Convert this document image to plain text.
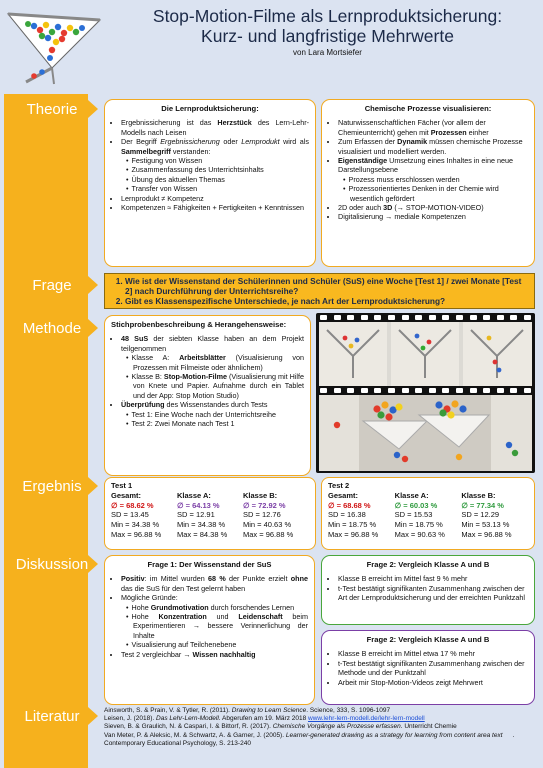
Stop-Motion-Filme als Lernproduktsicherung:
Kurz- und langfristige Mehrwerte
von Lara Mortsiefer
Theorie
Frage
Methode
Ergebnis
Diskussion
Literatur
Die Lernproduktsicherung:
• Ergebnissicherung ist das Herzstück des Lern-Lehr-Modells nach Leisen
• Der Begriff Ergebnissicherung oder Lernprodukt wird als Sammelbegriff verstanden:
• Festigung von Wissen
• Zusammenfassung des Unterrichtsinhalts
• Übung des aktuellen Themas
• Transfer von Wissen
• Lernprodukt ≠ Kompetenz
• Kompetenzen ≈ Fähigkeiten + Fertigkeiten + Kenntnissen
Chemische Prozesse visualisieren:
• Naturwissenschaftlichen Fächer (vor allem der Chemieunterricht) gehen mit Prozessen einher
• Zum Erfassen der Dynamik müssen chemische Prozesse visualisiert und modelliert werden.
• Eigenständige Umsetzung eines Inhaltes in eine neue Darstellungsebene
• Prozess muss erschlossen werden
• Prozessorientiertes Denken in der Chemie wird wesentlich gefördert
• 2D oder auch 3D (→ STOP-MOTION-VIDEO)
• Digitalisierung → mediale Kompetenzen
1. Wie ist der Wissenstand der Schülerinnen und Schüler (SuS) eine Woche [Test 1] / zwei Monate [Test 2] nach Durchführung der Unterrichtsreihe?
2. Gibt es Klassenspezifische Unterschiede, je nach Art der Lernproduktsicherung?
Stichprobenbeschreibung & Herangehensweise:
• 48 SuS der siebten Klasse haben an dem Projekt teilgenommen
• Klasse A: Arbeitsblätter (Visualisierung von Prozessen mit Filmeiste oder ähnlichem)
• Klasse B: Stop-Motion-Filme (Visualisierung mit Hilfe von Knete und Papier. Aufnahme durch ein Tablet und der App: Stop Motion Studio)
• Überprüfung des Wissenstandes durch Tests
• Test 1: Eine Woche nach der Unterrichtsreihe
• Test 2: Zwei Monate nach Test 1
Test 1
Gesamt:	Klasse A:	Klasse B:
∅ = 68.62 %	∅ = 64.13 %	∅ = 72.92 %
SD = 13.45	SD = 12.91	SD = 12.76
Min = 34.38 %	Min = 34.38 %	Min = 40.63 %
Max = 96.88 %	Max = 84.38 %	Max = 96.88 %
Test 2
Gesamt:	Klasse A:	Klasse B:
∅ = 68.68 %	∅ = 60.03 %	∅ = 77.34 %
SD = 16.38	SD = 15.53	SD = 12.29
Min = 18.75 %	Min = 18.75 %	Min = 53.13 %
Max = 96.88 %	Max = 90.63 %	Max = 96.88 %
Frage 1: Der Wissenstand der SuS
• Positiv: im Mittel wurden 68 % der Punkte erzielt ohne das die SuS für den Test gelernt haben
• Mögliche Gründe:
• Hohe Grundmotivation durch forschendes Lernen
• Hohe Konzentration und Leidenschaft beim Experimentieren → bessere Verinnerlichung der Inhalte
• Visualisierung auf Teilchenebene
• Test 2 vergleichbar → Wissen nachhaltig
Frage 2: Vergleich Klasse A und B
• Klasse B erreicht im Mittel fast 9 % mehr
• t-Test bestätigt signifikanten Zusammenhang zwischen der Art der Lernproduktsicherung und der erreichten Punktzahl
Frage 2: Vergleich Klasse A und B
• Klasse B erreicht im Mittel etwa 17 % mehr
• t-Test bestätigt signifikanten Zusammenhang zwischen der Methode und der Punktzahl
• Arbeit mir Stop-Motion-Videos zeigt Mehrwert
Ainsworth, S. & Prain, V. & Tytler, R. (2011). Drawing to Learn Science. Science, 333, S. 1096-1097
Leisen, J. (2018). Das Lehr-Lern-Modell. Abgerufen am 19. März 2018 www.lehr-lern-modell.de/lehr-lern-modell
Sieven, B. & Graulich, N. & Caspari, I. & Bittorf, R. (2017). Chemische Vorgänge als Prozesse erfassen. Unterricht Chemie
Van Meter, P. & Aleksic, M. & Schwartz, A. & Garner, J. (2005). Learner-generated drawing as a strategy for learning from content area text . Contemporary Educational Psychology, S. 213-240
